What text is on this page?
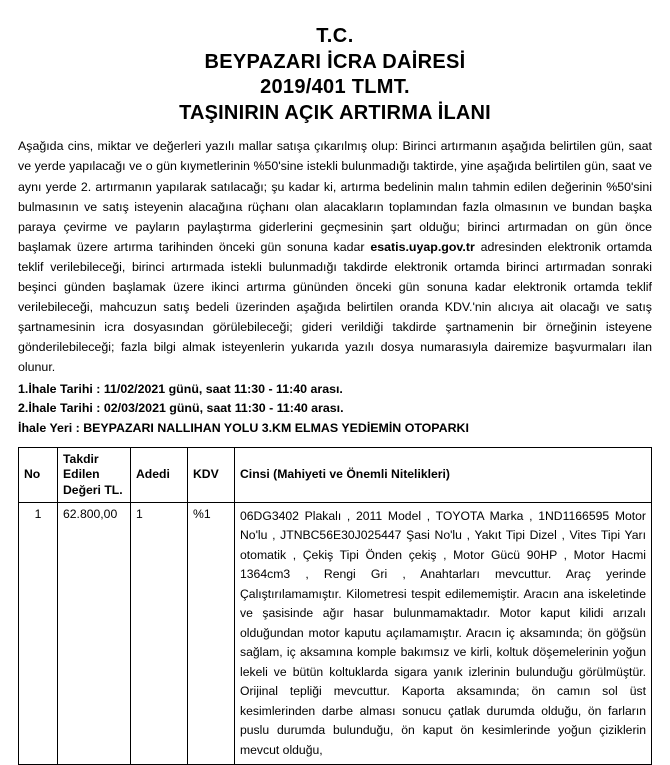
T.C.
BEYPAZARI İCRA DAİRESİ
2019/401 TLMT.
TAŞINIRIN AÇIK ARTIRMA İLANI

Aşağıda cins, miktar ve değerleri yazılı mallar satışa çıkarılmış olup: Birinci artırmanın aşağıda belirtilen gün, saat ve yerde yapılacağı ve o gün kıymetlerinin %50'sine istekli bulunmadığı taktirde, yine aşağıda belirtilen gün, saat ve aynı yerde 2. artırmanın yapılarak satılacağı; şu kadar ki, artırma bedelinin malın tahmin edilen değerinin %50'sini bulmasının ve satış isteyenin alacağına rüçhanı olan alacakların toplamından fazla olmasının ve bundan başka paraya çevirme ve payların paylaştırma giderlerini geçmesinin şart olduğu; birinci artırmadan on gün önce başlamak üzere artırma tarihinden önceki gün sonuna kadar esatis.uyap.gov.tr adresinden elektronik ortamda teklif verilebileceği, birinci artırmada istekli bulunmadığı takdirde elektronik ortamda birinci artırmadan sonraki beşinci günden başlamak üzere ikinci artırma gününden önceki gün sonuna kadar elektronik ortamda teklif verilebileceği, mahcuzun satış bedeli üzerinden aşağıda belirtilen oranda KDV.'nin alıcıya ait olacağı ve satış şartnamesinin icra dosyasından görülebileceği; gideri verildiği takdirde şartnamenin bir örneğinin isteyene gönderilebileceği; fazla bilgi almak isteyenlerin yukarıda yazılı dosya numarasıyla dairemize başvurmaları ilan olunur.

1.İhale Tarihi : 11/02/2021 günü, saat 11:30 - 11:40 arası.

2.İhale Tarihi : 02/03/2021 günü, saat 11:30 - 11:40 arası.

İhale Yeri : BEYPAZARI NALLIHAN YOLU 3.KM ELMAS YEDİEMİN OTOPARKI

No	Takdir Edilen Değeri TL.	Adedi	KDV	Cinsi (Mahiyeti ve Önemli Nitelikleri)
1	62.800,00	1	%1	06DG3402 Plakalı , 2011 Model , TOYOTA Marka , 1ND1166595 Motor No'lu , JTNBC56E30J025447 Şasi No'lu , Yakıt Tipi Dizel , Vites Tipi Yarı otomatik , Çekiş Tipi Önden çekiş , Motor Gücü 90HP , Motor Hacmi 1364cm3 , Rengi Gri , Anahtarları mevcuttur. Araç yerinde Çalıştırılamamıştır. Kilometresi tespit edilememiştir. Aracın ana iskeletinde ve şasisinde ağır hasar bulunmamaktadır. Motor kaput kilidi arızalı olduğundan motor kaputu açılamamıştır. Aracın iç aksamında; ön göğsün sağlam, iç aksamına komple bakımsız ve kirli, koltuk döşemelerinin yoğun lekeli ve bütün koltuklarda sigara yanık izlerinin bulunduğu görülmüştür. Orijinal tepliği mevcuttur. Kaporta aksamında; ön camın sol üst kesimlerinden darbe alması sonucu çatlak durumda olduğu, ön farların puslu durumda bulunduğu, ön kaput ön kesimlerinde yoğun çiziklerin mevcut olduğu,
